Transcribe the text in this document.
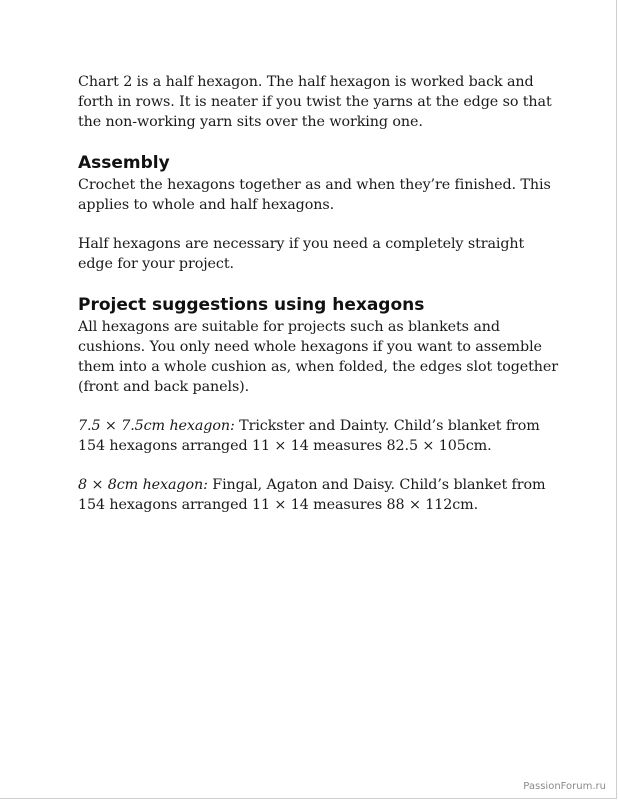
Chart 2 is a half hexagon. The half hexagon is worked back and forth in rows. It is neater if you twist the yarns at the edge so that the non-working yarn sits over the working one.

Assembly

Crochet the hexagons together as and when they’re finished. This applies to whole and half hexagons.

Half hexagons are necessary if you need a completely straight edge for your project.

Project suggestions using hexagons

All hexagons are suitable for projects such as blankets and cushions. You only need whole hexagons if you want to assemble them into a whole cushion as, when folded, the edges slot together (front and back panels).

7.5 × 7.5cm hexagon: Trickster and Dainty. Child’s blanket from 154 hexagons arranged 11 × 14 measures 82.5 × 105cm.

8 × 8cm hexagon: Fingal, Agaton and Daisy. Child’s blanket from 154 hexagons arranged 11 × 14 measures 88 × 112cm.

PassionForum.ru
